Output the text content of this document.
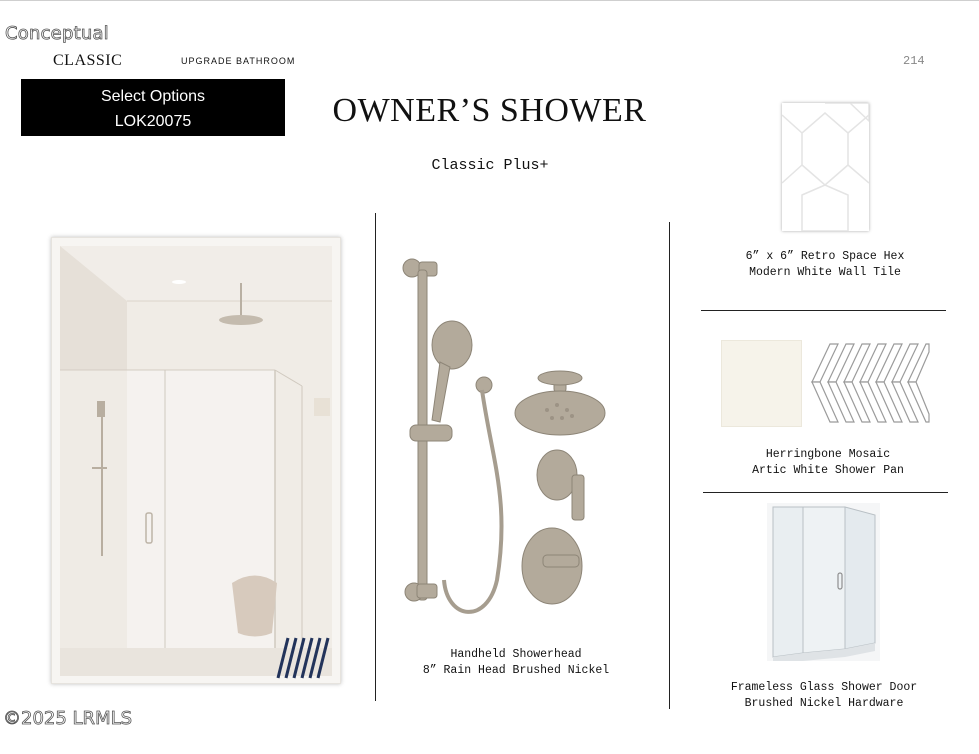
Conceptual
CLASSIC	UPGRADE BATHROOM	214
Select Options
LOK20075	OWNER’S SHOWER
Classic Plus+
Handheld Showerhead
8” Rain Head Brushed Nickel
6” x 6” Retro Space Hex
Modern White Wall Tile
Herringbone Mosaic
Artic White Shower Pan
Frameless Glass Shower Door
Brushed Nickel Hardware
©2025 LRMLS
